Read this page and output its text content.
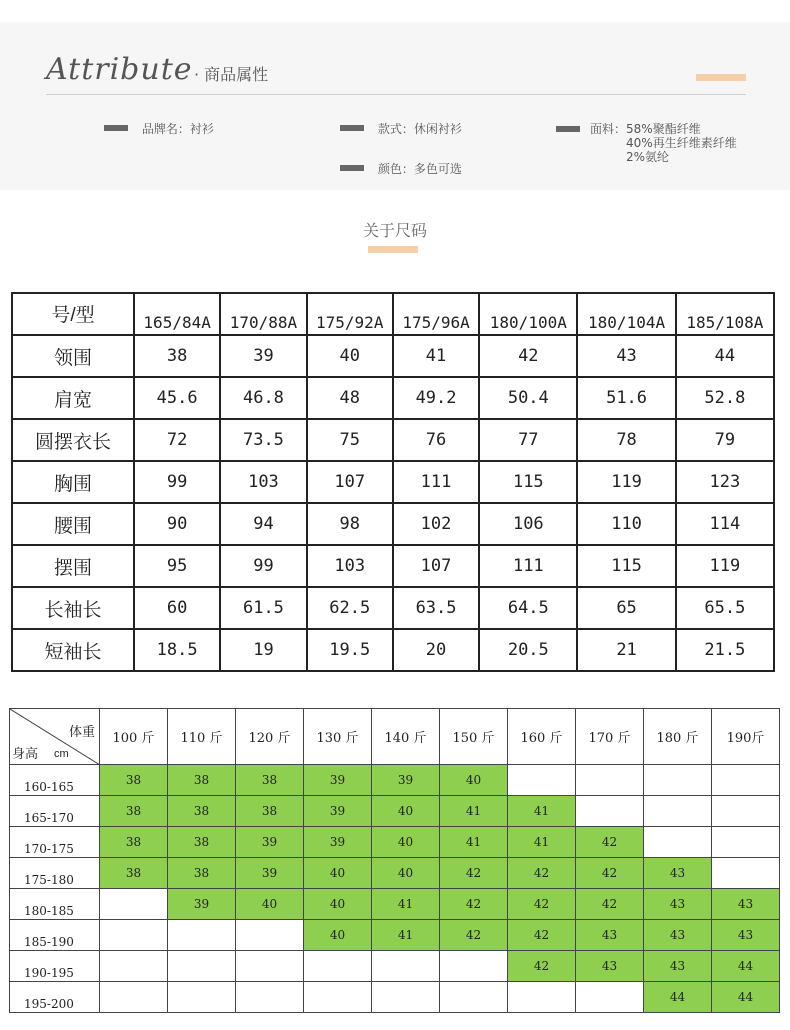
Attribute · 商品属性
品牌名：衬衫	款式：休闲衬衫	面料： 58%聚酯纤维
40%再生纤维素纤维
2%氨纶
颜色：多色可选
关于尺码
号/型	165/84A	170/88A	175/92A	175/96A	180/100A	180/104A	185/108A
领围	38	39	40	41	42	43	44
肩宽	45.6	46.8	48	49.2	50.4	51.6	52.8
圆摆衣长	72	73.5	75	76	77	78	79
胸围	99	103	107	111	115	119	123
腰围	90	94	98	102	106	110	114
摆围	95	99	103	107	111	115	119
长袖长	60	61.5	62.5	63.5	64.5	65	65.5
短袖长	18.5	19	19.5	20	20.5	21	21.5
体重
身高 cm	100 斤	110 斤	120 斤	130 斤	140 斤	150 斤	160 斤	170 斤	180 斤	190斤
160-165	38	38	38	39	39	40				
165-170	38	38	38	39	40	41	41			
170-175	38	38	39	39	40	41	41	42		
175-180	38	38	39	40	40	42	42	42	43	
180-185		39	40	40	41	42	42	42	43	43
185-190				40	41	42	42	43	43	43
190-195							42	43	43	44
195-200									44	44
